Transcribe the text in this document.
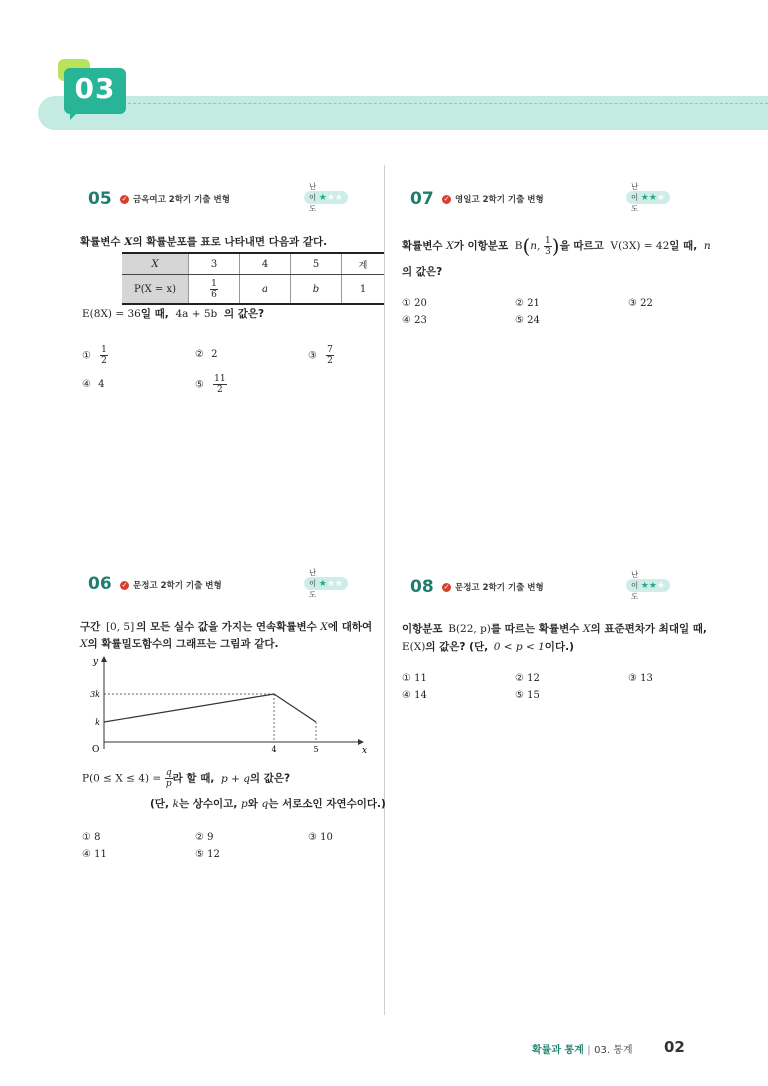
03
05 ✓ 금옥여고 2학기 기출 변형
난이도
★★★
확률변수 X의 확률분포를 표로 나타내면 다음과 같다.
X	3	4	5	계
P(X = x)	$\frac{1}{6}$	a	b	1
E(8X) = 36일 때, 4a + 5b 의 값은?
① $\frac{1}{2}$	② 2	③ $\frac{7}{2}$
④ 4	⑤ $\frac{11}{2}$
06 ✓ 문정고 2학기 기출 변형
난이도
★★★
구간 [0, 5] 의 모든 실수 값을 가지는 연속확률변수 X에 대하여
X의 확률밀도함수의 그래프는 그림과 같다.
y
x
O
3k
k
4	5
$P(0 \le X \le 4) = \frac{q}{p}$ 라 할 때, p + q의 값은?
(단, k는 상수이고, p와 q는 서로소인 자연수이다.)
① 8	② 9	③ 10
④ 11	⑤ 12
07 ✓ 영일고 2학기 기출 변형
난이도
★★★
확률변수 X가 이항분포 B(n, $\frac{1}{3}$ )을 따르고 V(3X) = 42일 때, n
의 값은?
① 20	② 21	③ 22
④ 23	⑤ 24
08 ✓ 문정고 2학기 기출 변형
난이도
★★★
이항분포 B(22, p)를 따르는 확률변수 X의 표준편차가 최대일 때,
E(X)의 값은? (단, 0 < p < 1이다.)
① 11	② 12	③ 13
④ 14	⑤ 15
확률과 통계 | 03. 통계	02
